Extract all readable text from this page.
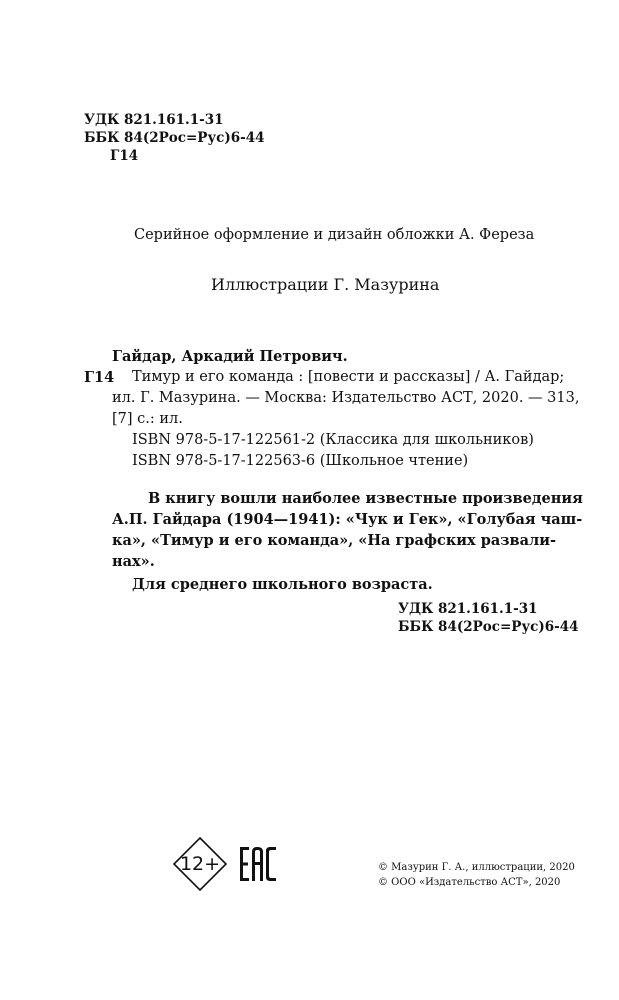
УДК 821.161.1-31
ББК 84(2Рос=Рус)6-44
Г14
Серийное оформление и дизайн обложки А. Фереза
Иллюстрации Г. Мазурина
Гайдар, Аркадий Петрович.
Г14 Тимур и его команда : [повести и рассказы] / А. Гайдар;
ил. Г. Мазурина. — Москва: Издательство АСТ, 2020. — 313,
[7] с.: ил.
ISBN 978-5-17-122561-2 (Классика для школьников)
ISBN 978-5-17-122563-6 (Школьное чтение)
В книгу вошли наиболее известные произведения
А.П. Гайдара (1904—1941): «Чук и Гек», «Голубая чаш-
ка», «Тимур и его команда», «На графских развали-
нах».
Для среднего школьного возраста.
УДК 821.161.1-31
ББК 84(2Рос=Рус)6-44
12+	© Мазурин Г. А., иллюстрации, 2020
© ООО «Издательство АСТ», 2020
